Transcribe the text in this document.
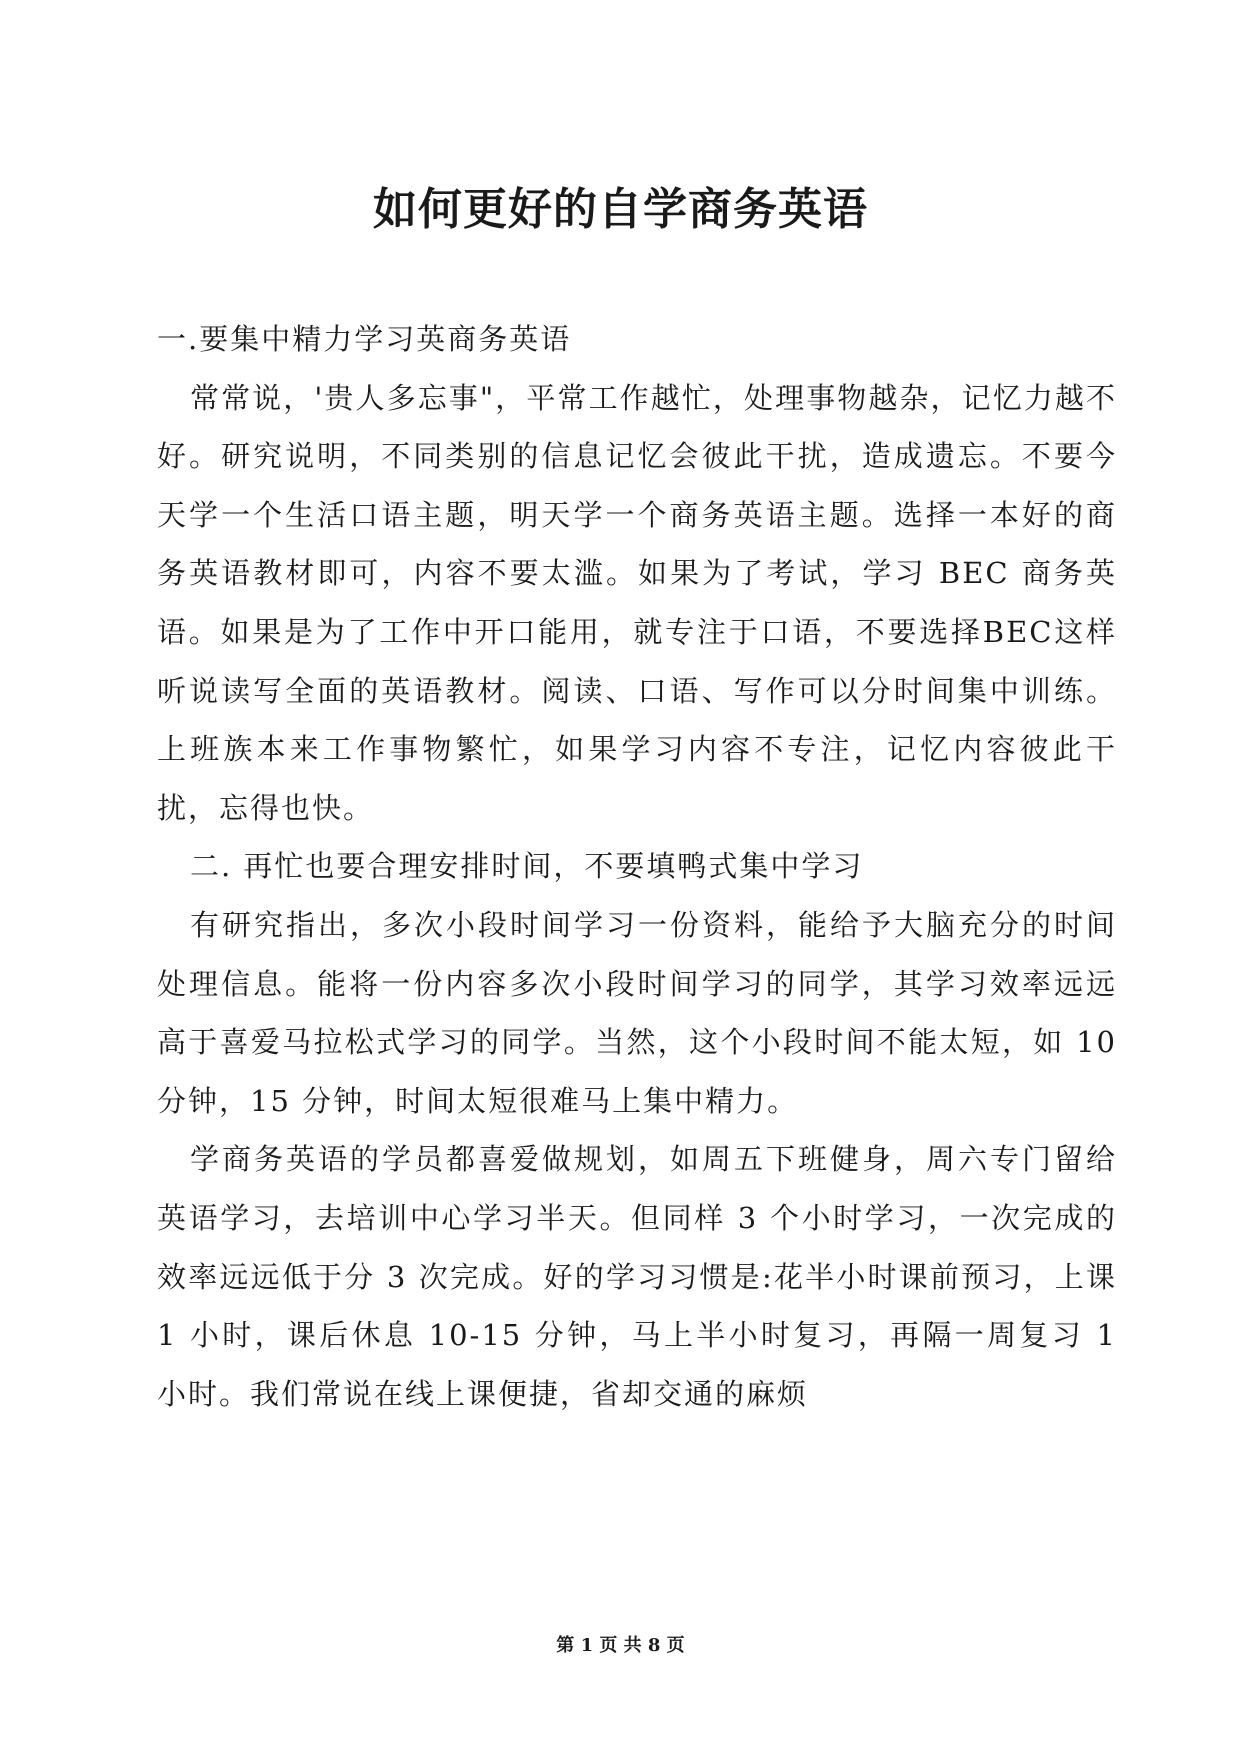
如何更好的自学商务英语

一.要集中精力学习英商务英语

常常说，'贵人多忘事"，平常工作越忙，处理事物越杂，记忆力越不好。研究说明，不同类别的信息记忆会彼此干扰，造成遗忘。不要今天学一个生活口语主题，明天学一个商务英语主题。选择一本好的商务英语教材即可，内容不要太滥。如果为了考试，学习 BEC 商务英语。如果是为了工作中开口能用，就专注于口语，不要选择BEC这样听说读写全面的英语教材。阅读、口语、写作可以分时间集中训练。上班族本来工作事物繁忙，如果学习内容不专注，记忆内容彼此干扰，忘得也快。

二. 再忙也要合理安排时间，不要填鸭式集中学习

有研究指出，多次小段时间学习一份资料，能给予大脑充分的时间处理信息。能将一份内容多次小段时间学习的同学，其学习效率远远高于喜爱马拉松式学习的同学。当然，这个小段时间不能太短，如 10 分钟，15 分钟，时间太短很难马上集中精力。

学商务英语的学员都喜爱做规划，如周五下班健身，周六专门留给英语学习，去培训中心学习半天。但同样 3 个小时学习，一次完成的效率远远低于分 3 次完成。好的学习习惯是:花半小时课前预习，上课 1 小时，课后休息 10-15 分钟，马上半小时复习，再隔一周复习 1 小时。我们常说在线上课便捷，省却交通的麻烦

第 1 页 共 8 页
